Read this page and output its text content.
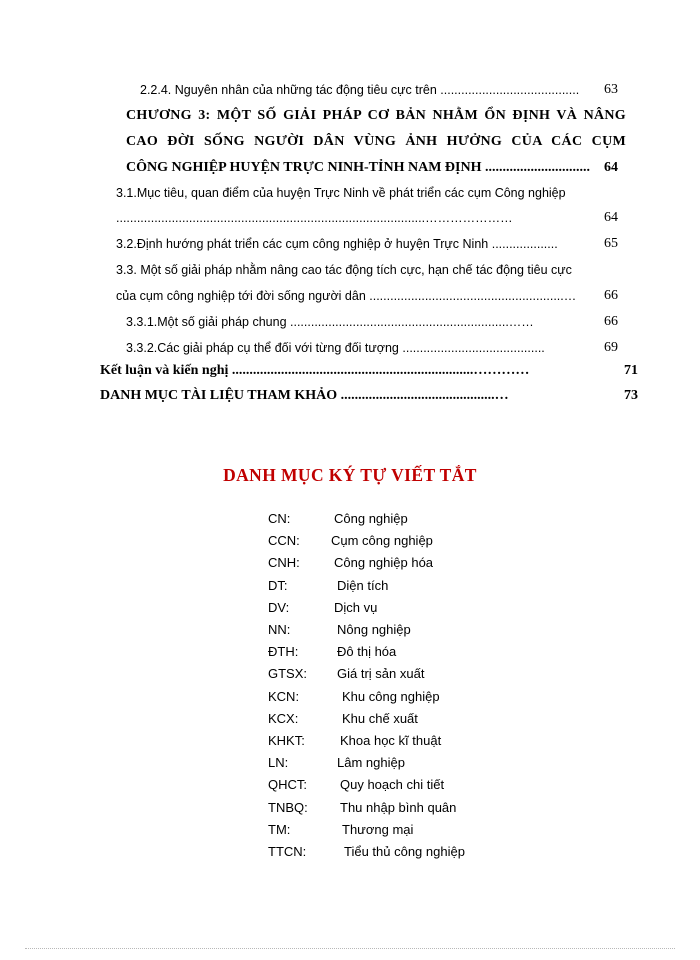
2.2.4. Nguyên nhân của những tác động tiêu cực trên ........................................ 63
CHƯƠNG 3: MỘT SỐ GIẢI PHÁP CƠ BẢN NHẰM ỔN ĐỊNH VÀ NÂNG
CAO ĐỜI SỐNG NGƯỜI DÂN VÙNG ẢNH HƯỞNG CỦA CÁC CỤM
CÔNG NGHIỆP HUYỆN TRỰC NINH-TỈNH NAM ĐỊNH .............................. 64
3.1.Mục tiêu, quan điểm của huyện Trực Ninh về phát triển các cụm Công nghiệp
.........................................................................................…………………	64
3.2.Định hướng phát triển các cụm công nghiệp ở huyện Trực Ninh ...................	65
3.3. Một số giải pháp nhằm nâng cao tác động tích cực, hạn chế tác động tiêu cực
của cụm công nghiệp tới đời sống người dân ........................................................… 66
3.3.1.Một số giải pháp chung ...............................................................……	66
3.3.2.Các giải pháp cụ thể đối với từng đối tượng .........................................	69
Kết luận và kiến nghị .....................................................................…………	71
DANH MỤC TÀI LIỆU THAM KHẢO ............................................…	73
DANH MỤC KÝ TỰ VIẾT TẮT
CN:	Công nghiệp
CCN: Cụm công nghiệp
CNH:	Công nghiệp hóa
DT:	Diện tích
DV:	Dịch vụ
NN:	Nông nghiệp
ĐTH:	Đô thị hóa
GTSX: Giá trị sản xuất
KCN:	Khu công nghiệp
KCX:	Khu chế xuất
KHKT:	Khoa học kĩ thuật
LN:	Lâm nghiệp
QHCT:	Quy hoạch chi tiết
TNBQ: Thu nhập bình quân
TM:	Thương mại
TTCN:	Tiểu thủ công nghiệp
